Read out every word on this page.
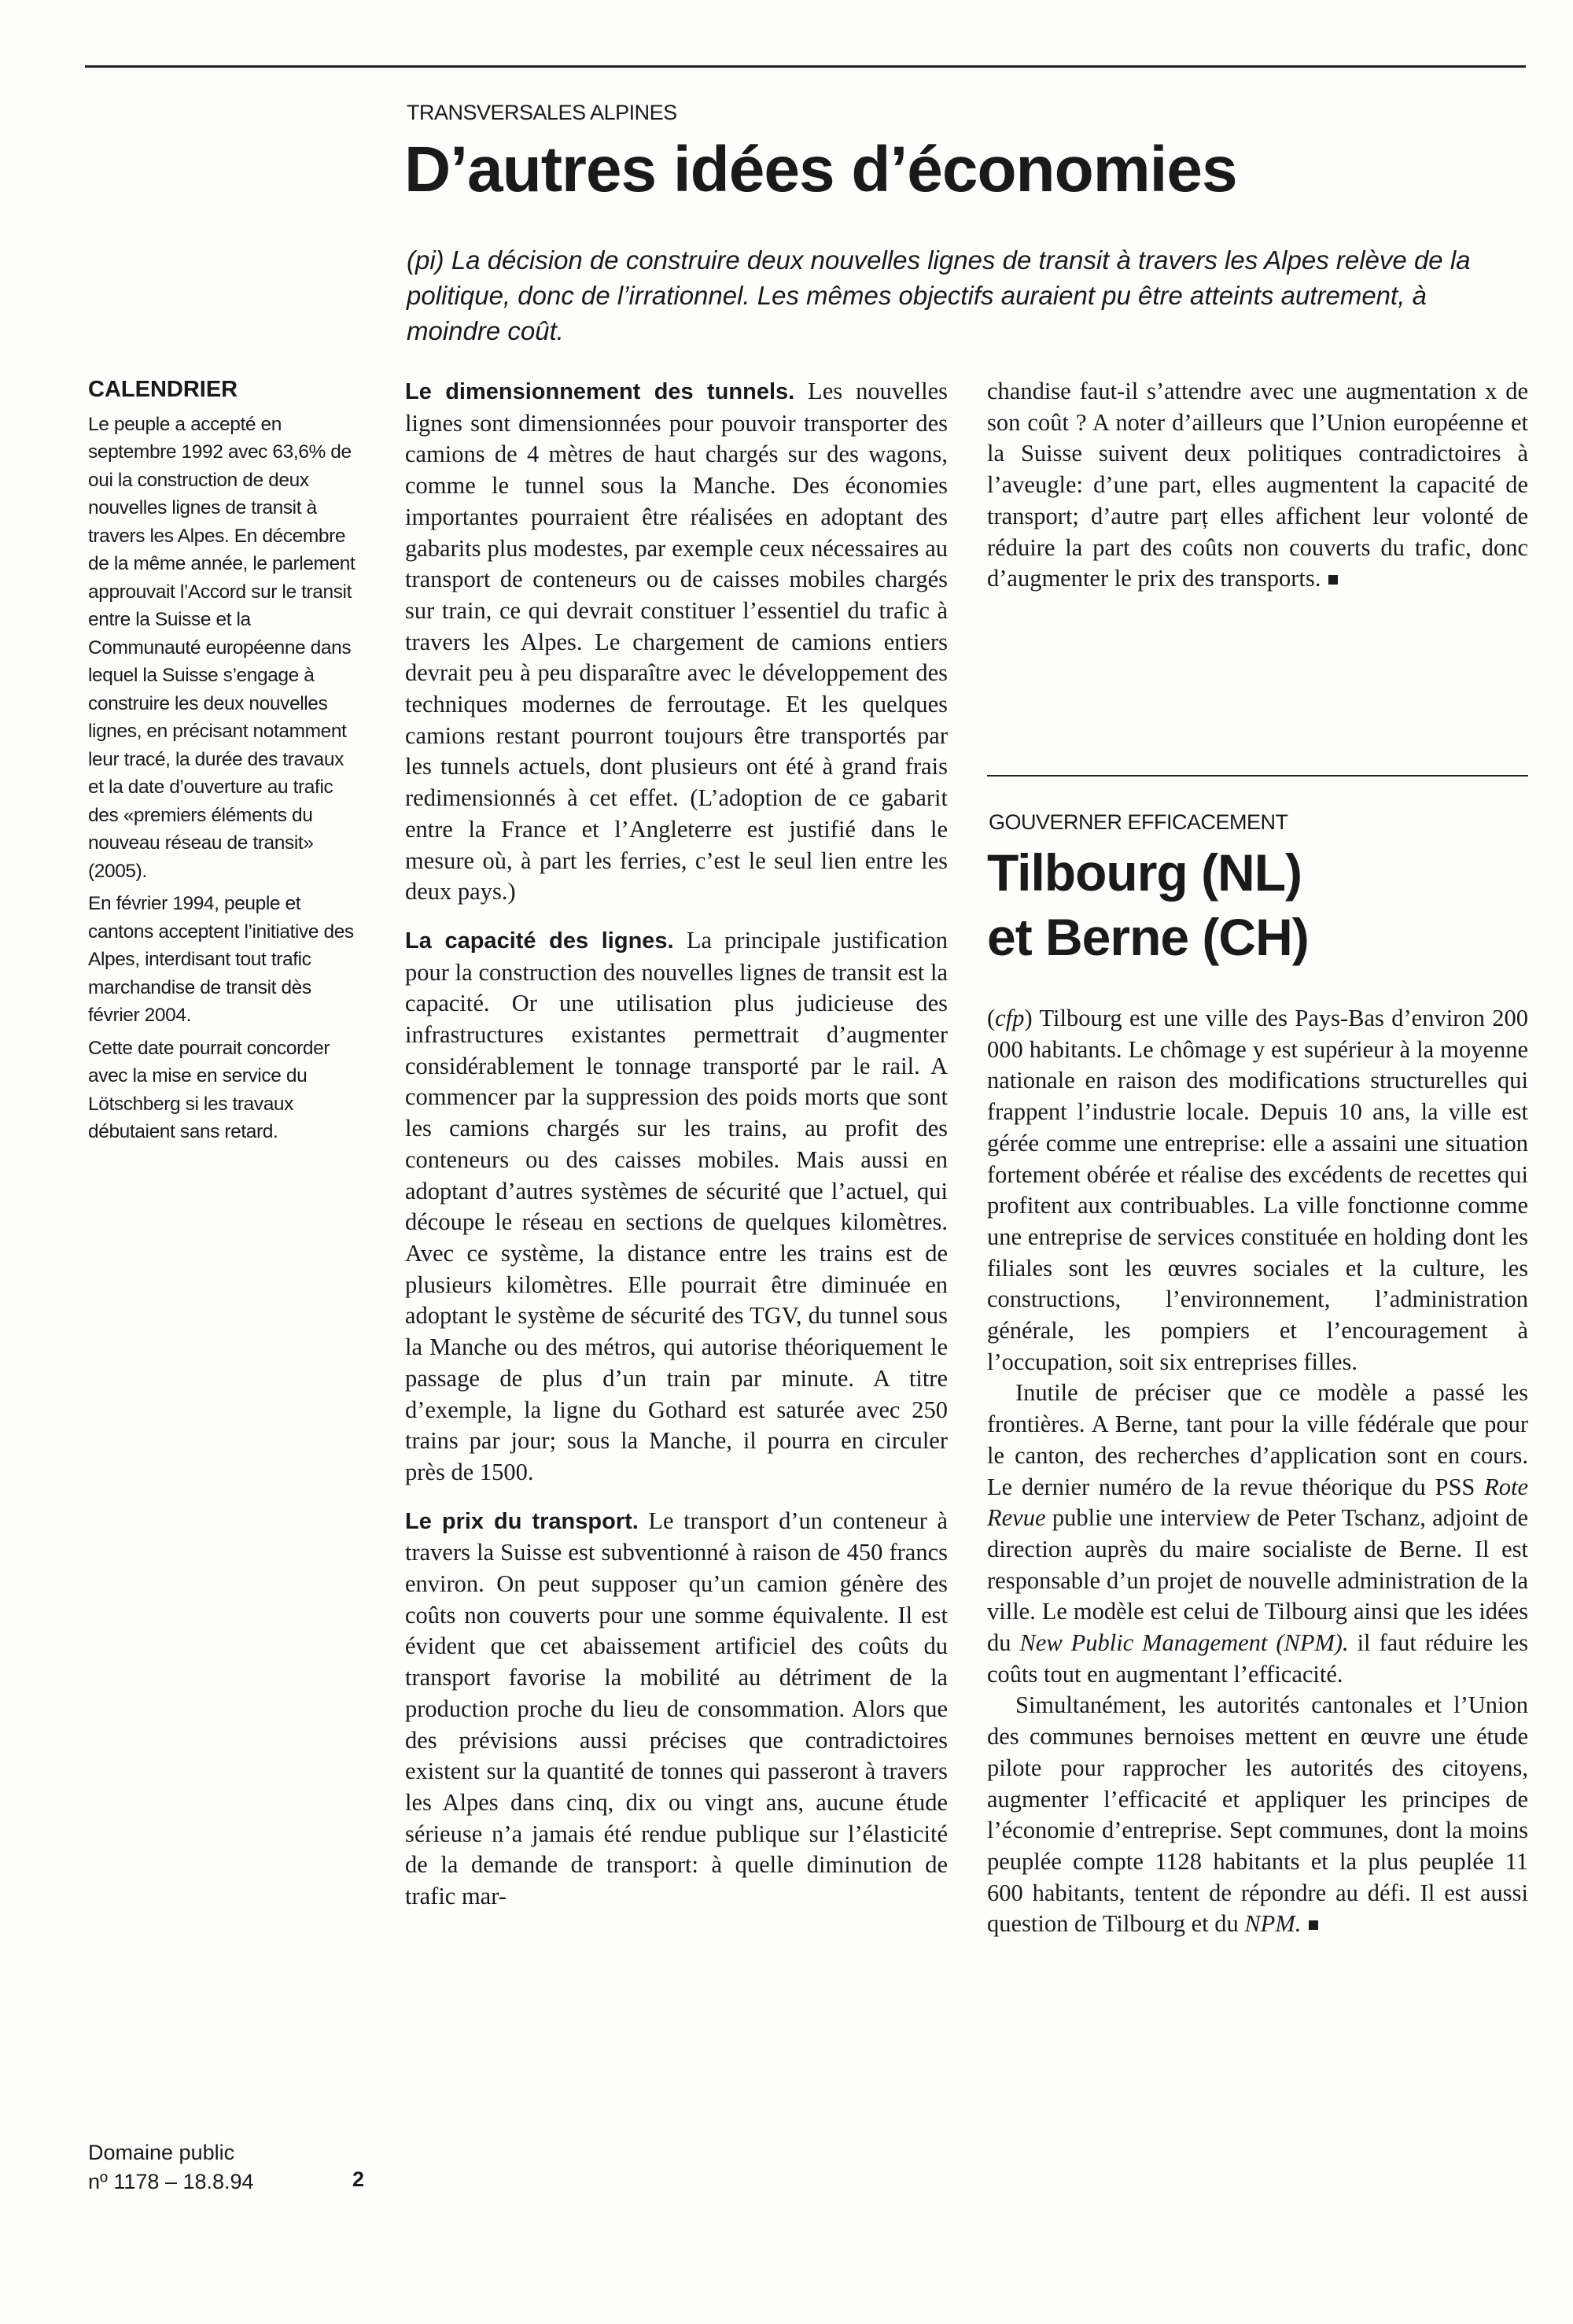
TRANSVERSALES ALPINES
D’autres idées d’économies

(pi) La décision de construire deux nouvelles lignes de transit à travers les Alpes relève de la politique, donc de l’irrationnel. Les mêmes objectifs auraient pu être atteints autrement, à moindre coût.

CALENDRIER

Le peuple a accepté en septembre 1992 avec 63,6% de oui la construction de deux nouvelles lignes de transit à travers les Alpes. En décembre de la même année, le parlement approuvait l’Accord sur le transit entre la Suisse et la Communauté européenne dans lequel la Suisse s’engage à construire les deux nouvelles lignes, en précisant notamment leur tracé, la durée des travaux et la date d’ouverture au trafic des «premiers éléments du nouveau réseau de transit» (2005).

En février 1994, peuple et cantons acceptent l’initiative des Alpes, interdisant tout trafic marchandise de transit dès février 2004.

Cette date pourrait concorder avec la mise en service du Lötschberg si les travaux débutaient sans retard.

Le dimensionnement des tunnels. Les nouvelles lignes sont dimensionnées pour pouvoir transporter des camions de 4 mètres de haut chargés sur des wagons, comme le tunnel sous la Manche. Des économies importantes pourraient être réalisées en adoptant des gabarits plus modestes, par exemple ceux nécessaires au transport de conteneurs ou de caisses mobiles chargés sur train, ce qui devrait constituer l’essentiel du trafic à travers les Alpes. Le chargement de camions entiers devrait peu à peu disparaître avec le développement des techniques modernes de ferroutage. Et les quelques camions restant pourront toujours être transportés par les tunnels actuels, dont plusieurs ont été à grand frais redimensionnés à cet effet. (L’adoption de ce gabarit entre la France et l’Angleterre est justifié dans le mesure où, à part les ferries, c’est le seul lien entre les deux pays.)

La capacité des lignes. La principale justification pour la construction des nouvelles lignes de transit est la capacité. Or une utilisation plus judicieuse des infrastructures existantes permettrait d’augmenter considérablement le tonnage transporté par le rail. A commencer par la suppression des poids morts que sont les camions chargés sur les trains, au profit des conteneurs ou des caisses mobiles. Mais aussi en adoptant d’autres systèmes de sécurité que l’actuel, qui découpe le réseau en sections de quelques kilomètres. Avec ce système, la distance entre les trains est de plusieurs kilomètres. Elle pourrait être diminuée en adoptant le système de sécurité des TGV, du tunnel sous la Manche ou des métros, qui autorise théoriquement le passage de plus d’un train par minute. A titre d’exemple, la ligne du Gothard est saturée avec 250 trains par jour; sous la Manche, il pourra en circuler près de 1500.

Le prix du transport. Le transport d’un conteneur à travers la Suisse est subventionné à raison de 450 francs environ. On peut supposer qu’un camion génère des coûts non couverts pour une somme équivalente. Il est évident que cet abaissement artificiel des coûts du transport favorise la mobilité au détriment de la production proche du lieu de consommation. Alors que des prévisions aussi précises que contradictoires existent sur la quantité de tonnes qui passeront à travers les Alpes dans cinq, dix ou vingt ans, aucune étude sérieuse n’a jamais été rendue publique sur l’élasticité de la demande de transport: à quelle diminution de trafic mar-

chandise faut-il s’attendre avec une augmentation x de son coût ? A noter d’ailleurs que l’Union européenne et la Suisse suivent deux politiques contradictoires à l’aveugle: d’une part, elles augmentent la capacité de transport; d’autre parț elles affichent leur volonté de réduire la part des coûts non couverts du trafic, donc d’augmenter le prix des transports.

GOUVERNER EFFICACEMENT
Tilbourg (NL)
et Berne (CH)

(cfp) Tilbourg est une ville des Pays-Bas d’environ 200 000 habitants. Le chômage y est supérieur à la moyenne nationale en raison des modifications structurelles qui frappent l’industrie locale. Depuis 10 ans, la ville est gérée comme une entreprise: elle a assaini une situation fortement obérée et réalise des excédents de recettes qui profitent aux contribuables. La ville fonctionne comme une entreprise de services constituée en holding dont les filiales sont les œuvres sociales et la culture, les constructions, l’environnement, l’administration générale, les pompiers et l’encouragement à l’occupation, soit six entreprises filles.

Inutile de préciser que ce modèle a passé les frontières. A Berne, tant pour la ville fédérale que pour le canton, des recherches d’application sont en cours. Le dernier numéro de la revue théorique du PSS Rote Revue publie une interview de Peter Tschanz, adjoint de direction auprès du maire socialiste de Berne. Il est responsable d’un projet de nouvelle administration de la ville. Le modèle est celui de Tilbourg ainsi que les idées du New Public Management (NPM). il faut réduire les coûts tout en augmentant l’efficacité.

Simultanément, les autorités cantonales et l’Union des communes bernoises mettent en œuvre une étude pilote pour rapprocher les autorités des citoyens, augmenter l’efficacité et appliquer les principes de l’économie d’entreprise. Sept communes, dont la moins peuplée compte 1128 habitants et la plus peuplée 11 600 habitants, tentent de répondre au défi. Il est aussi question de Tilbourg et du NPM.

Domaine public
nº 1178 – 18.8.94	2
